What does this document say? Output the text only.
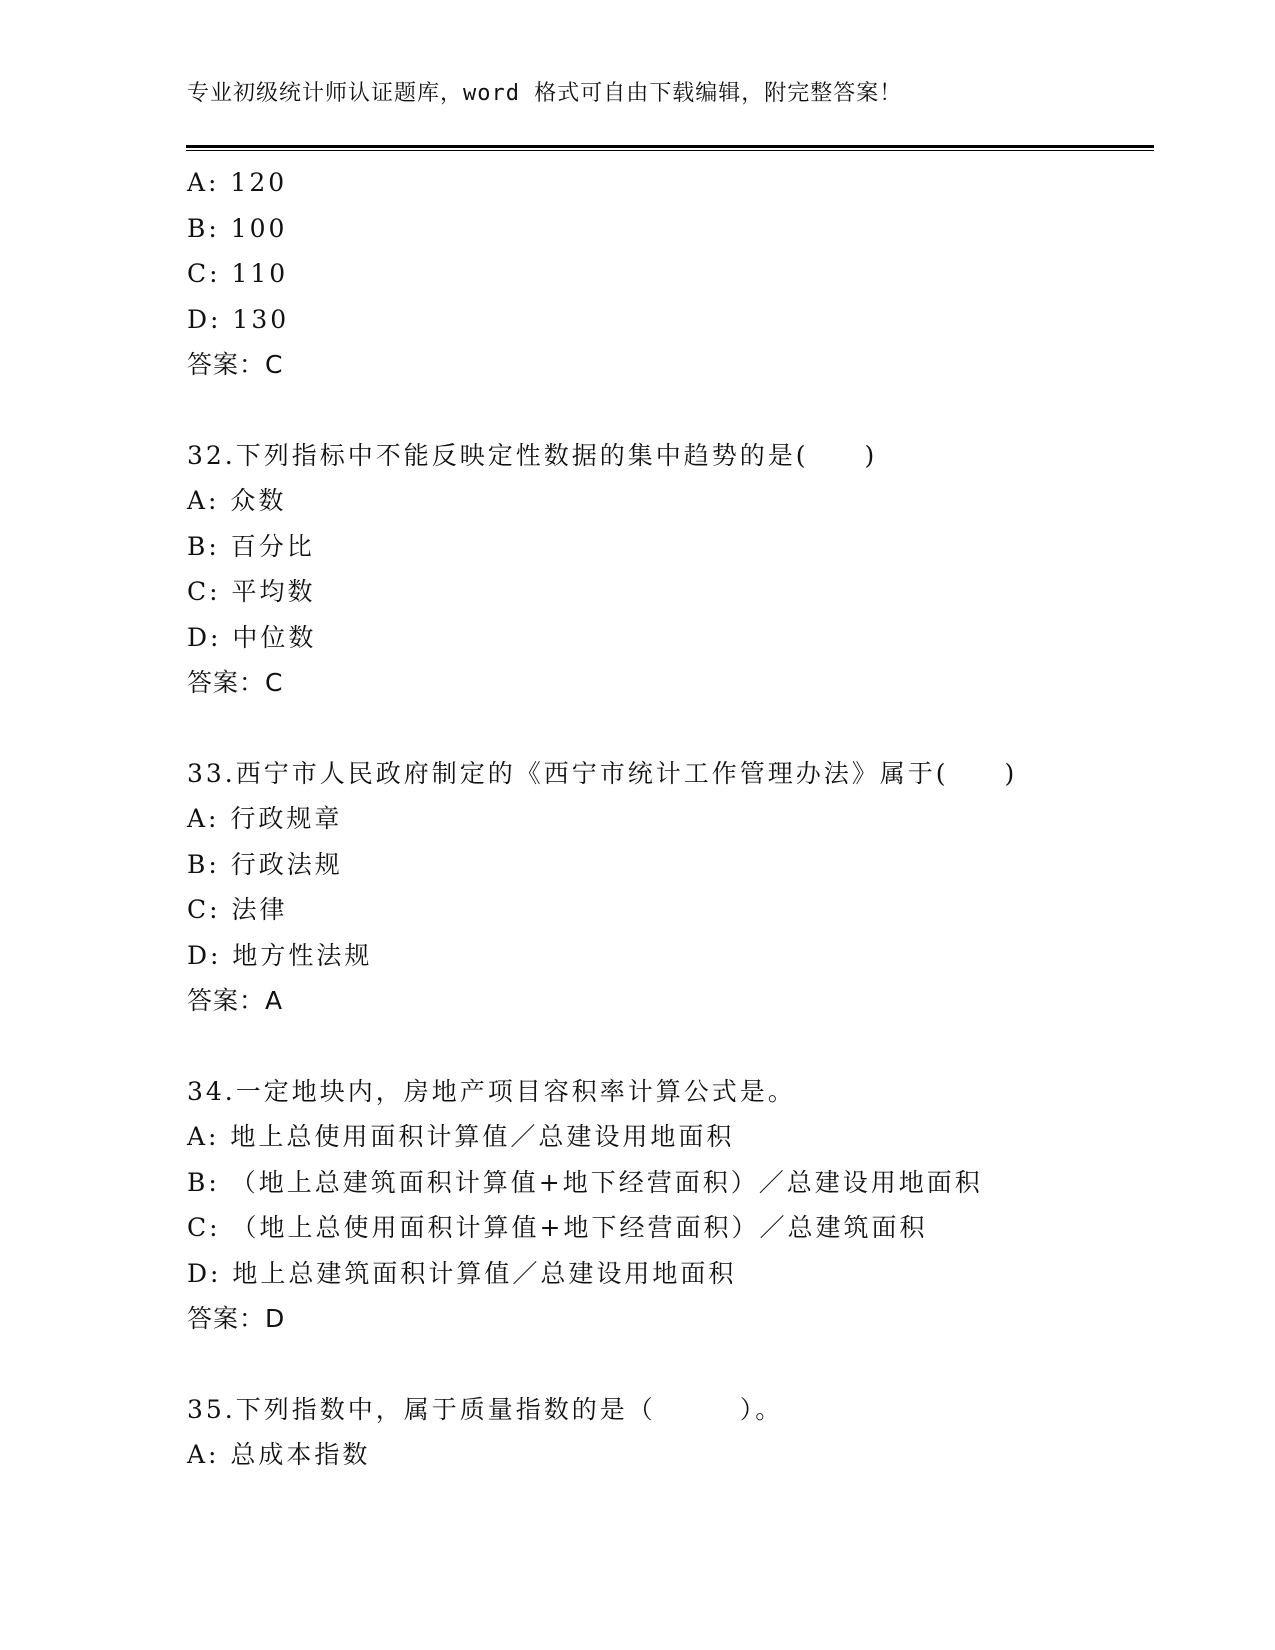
专业初级统计师认证题库，word 格式可自由下载编辑，附完整答案！
A: 120
B: 100
C: 110
D: 130
答案：C
32.下列指标中不能反映定性数据的集中趋势的是(　　)
A: 众数
B: 百分比
C: 平均数
D: 中位数
答案：C
33.西宁市人民政府制定的《西宁市统计工作管理办法》属于(　　)
A: 行政规章
B: 行政法规
C: 法律
D: 地方性法规
答案：A
34.一定地块内，房地产项目容积率计算公式是。
A: 地上总使用面积计算值／总建设用地面积
B: （地上总建筑面积计算值+地下经营面积）／总建设用地面积
C: （地上总使用面积计算值+地下经营面积）／总建筑面积
D: 地上总建筑面积计算值／总建设用地面积
答案：D
35.下列指数中，属于质量指数的是（　　　）。
A: 总成本指数
